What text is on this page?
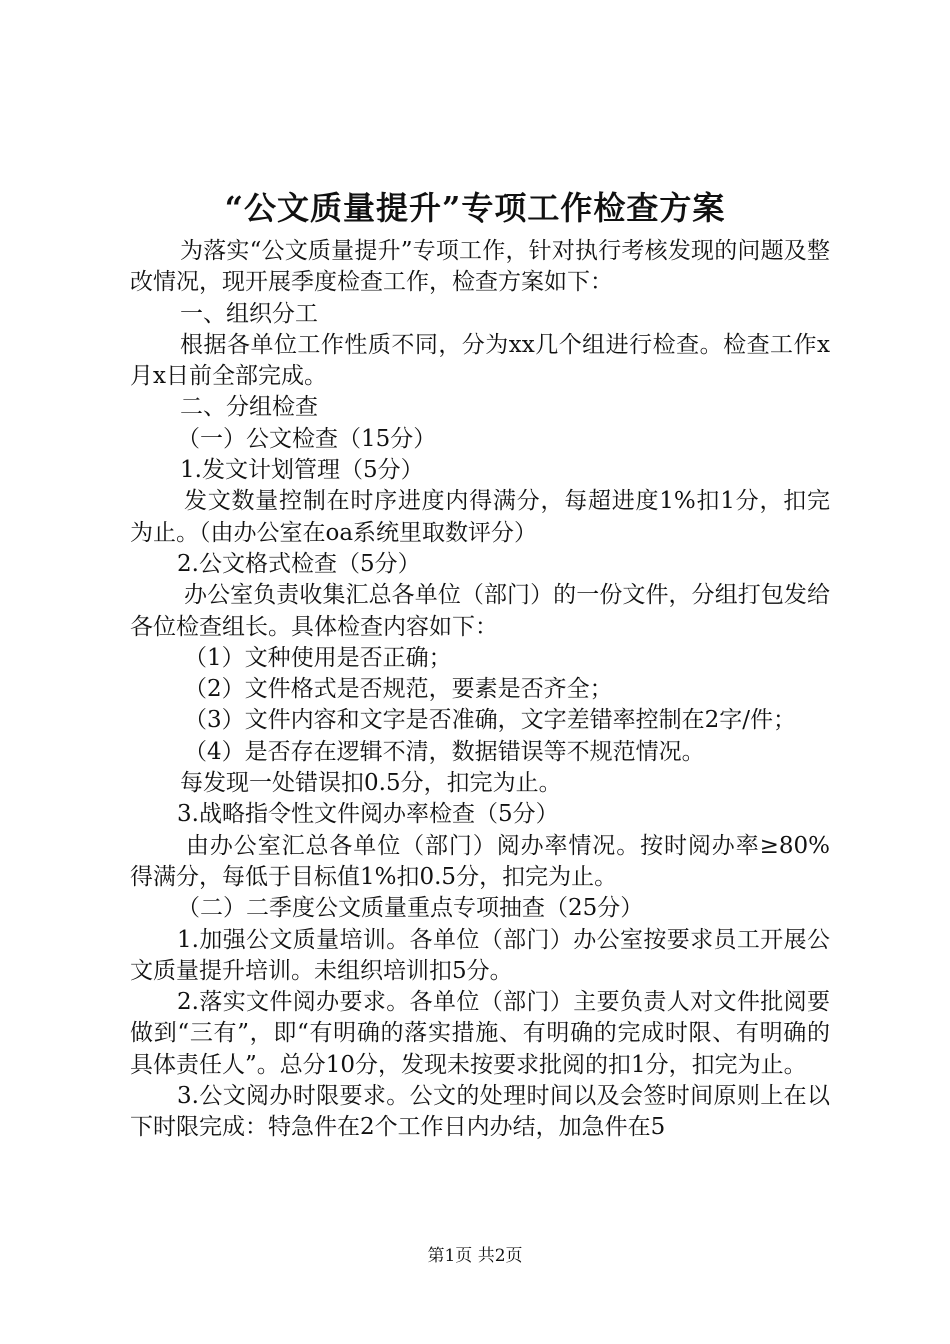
“公文质量提升”专项工作检查方案

为落实“公文质量提升”专项工作，针对执行考核发现的问题及整改情况，现开展季度检查工作，检查方案如下：

一、组织分工

根据各单位工作性质不同，分为xx几个组进行检查。检查工作x月x日前全部完成。

二、分组检查

（一）公文检查（15分）

1.发文计划管理（5分）

发文数量控制在时序进度内得满分，每超进度1%扣1分，扣完为止。（由办公室在oa系统里取数评分）

2.公文格式检查（5分）

办公室负责收集汇总各单位（部门）的一份文件，分组打包发给各位检查组长。具体检查内容如下：

（1）文种使用是否正确；

（2）文件格式是否规范，要素是否齐全；

（3）文件内容和文字是否准确，文字差错率控制在2字/件；

（4）是否存在逻辑不清，数据错误等不规范情况。

每发现一处错误扣0.5分，扣完为止。

3.战略指令性文件阅办率检查（5分）

由办公室汇总各单位（部门）阅办率情况。按时阅办率≥80%得满分，每低于目标值1%扣0.5分，扣完为止。

（二）二季度公文质量重点专项抽查（25分）

1.加强公文质量培训。各单位（部门）办公室按要求员工开展公文质量提升培训。未组织培训扣5分。

2.落实文件阅办要求。各单位（部门）主要负责人对文件批阅要做到“三有”，即“有明确的落实措施、有明确的完成时限、有明确的具体责任人”。总分10分，发现未按要求批阅的扣1分，扣完为止。

3.公文阅办时限要求。公文的处理时间以及会签时间原则上在以下时限完成：特急件在2个工作日内办结，加急件在5

第1页 共2页
